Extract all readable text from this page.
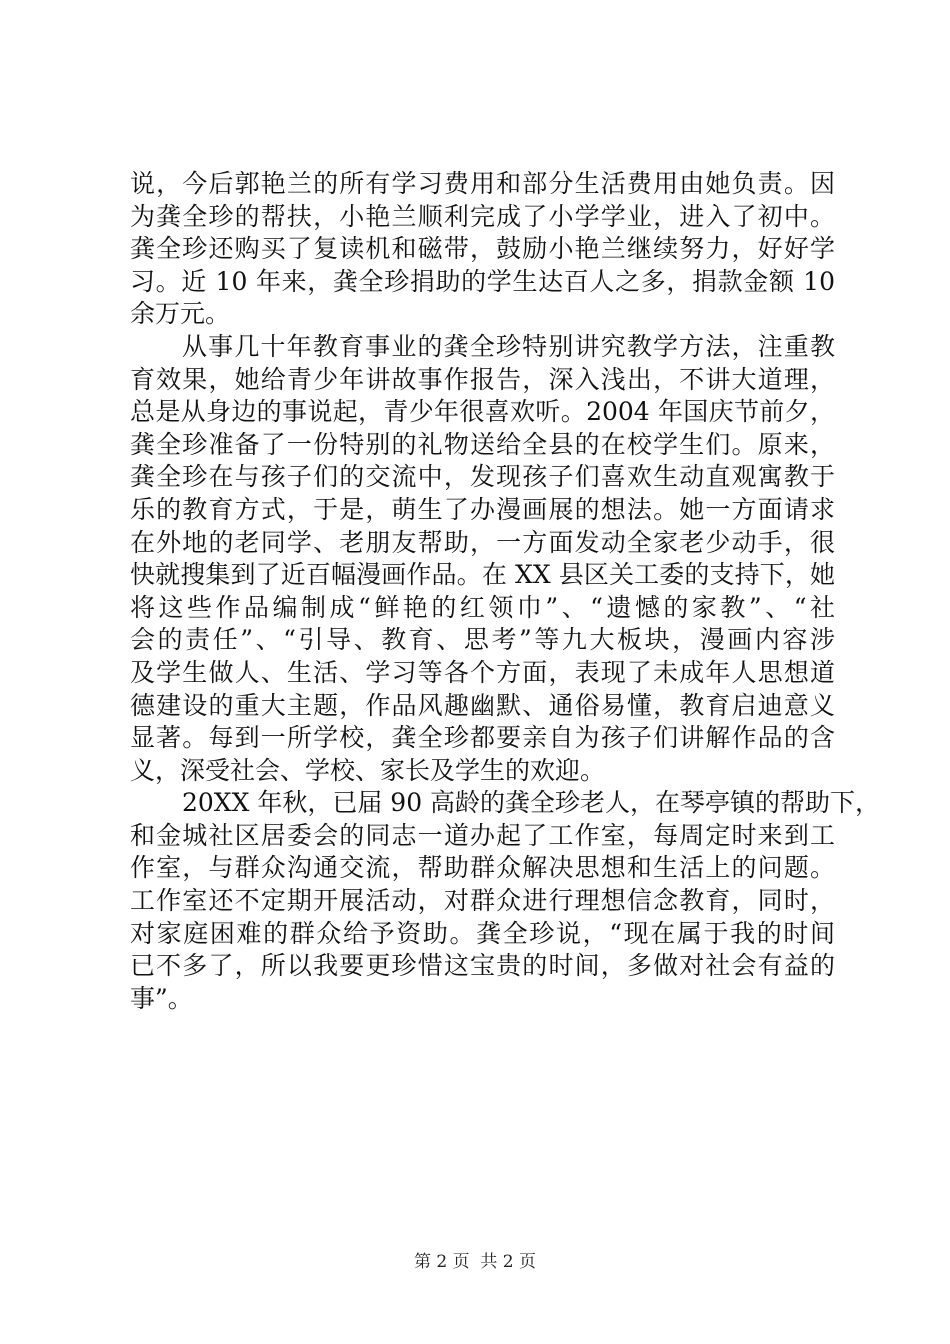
说，今后郭艳兰的所有学习费用和部分生活费用由她负责。因
为龚全珍的帮扶，小艳兰顺利完成了小学学业，进入了初中。
龚全珍还购买了复读机和磁带，鼓励小艳兰继续努力，好好学
习。近 10 年来，龚全珍捐助的学生达百人之多，捐款金额 10
余万元。
从事几十年教育事业的龚全珍特别讲究教学方法，注重教
育效果，她给青少年讲故事作报告，深入浅出，不讲大道理，
总是从身边的事说起，青少年很喜欢听。2004 年国庆节前夕，
龚全珍准备了一份特别的礼物送给全县的在校学生们。原来，
龚全珍在与孩子们的交流中，发现孩子们喜欢生动直观寓教于
乐的教育方式，于是，萌生了办漫画展的想法。她一方面请求
在外地的老同学、老朋友帮助，一方面发动全家老少动手，很
快就搜集到了近百幅漫画作品。在 XX 县区关工委的支持下，她
将这些作品编制成“鲜艳的红领巾”、“遗憾的家教”、“社
会的责任”、“引导、教育、思考”等九大板块，漫画内容涉
及学生做人、生活、学习等各个方面，表现了未成年人思想道
德建设的重大主题，作品风趣幽默、通俗易懂，教育启迪意义
显著。每到一所学校，龚全珍都要亲自为孩子们讲解作品的含
义，深受社会、学校、家长及学生的欢迎。
20XX 年秋，已届 90 高龄的龚全珍老人，在琴亭镇的帮助下，
和金城社区居委会的同志一道办起了工作室，每周定时来到工
作室，与群众沟通交流，帮助群众解决思想和生活上的问题。
工作室还不定期开展活动，对群众进行理想信念教育，同时，
对家庭困难的群众给予资助。龚全珍说，“现在属于我的时间
已不多了，所以我要更珍惜这宝贵的时间，多做对社会有益的
事”。
第 2 页  共 2 页
